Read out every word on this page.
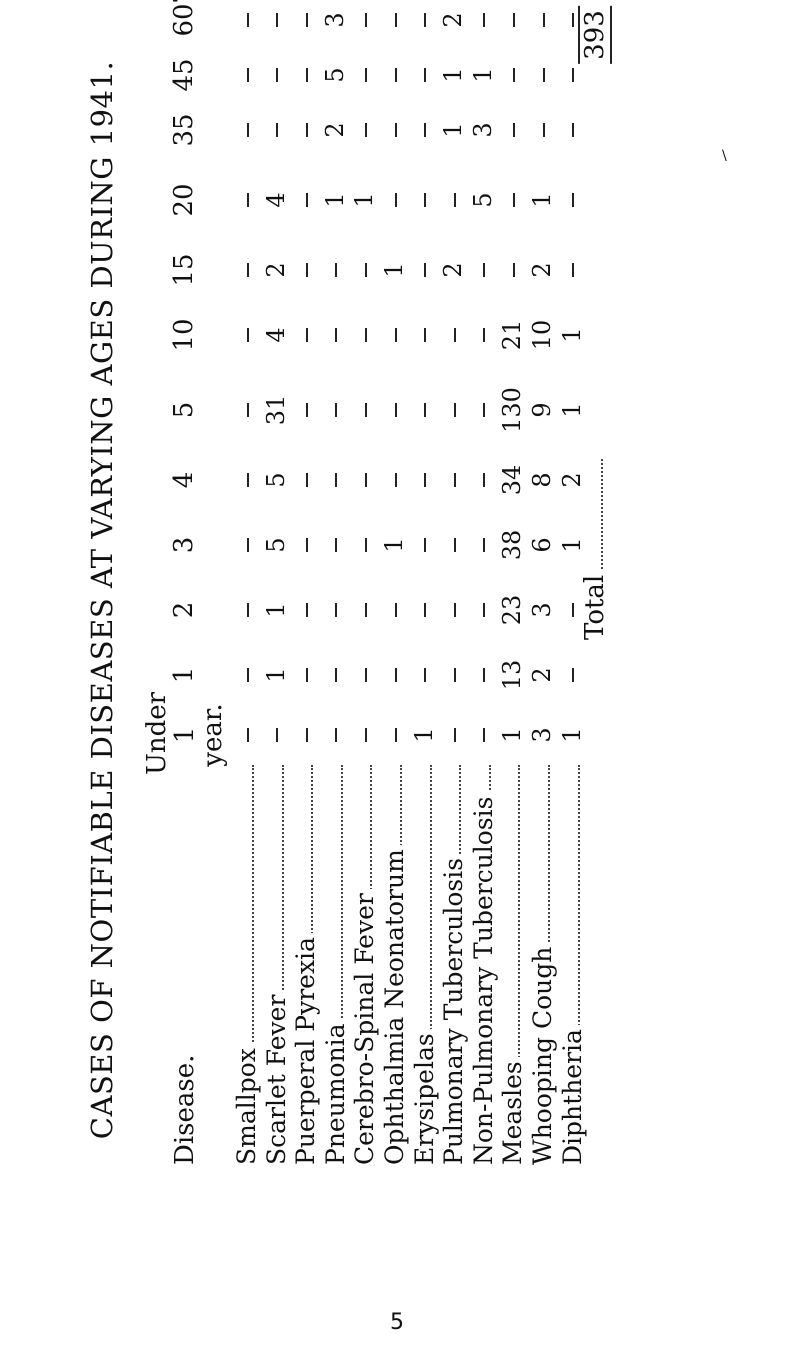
CASES OF NOTIFIABLE DISEASES AT VARYING AGES DURING 1941. Disease.
Under 1 year.
1
2
3
4
5
10
15
20
35
45
60
Smallpox Scarlet Fever
1
1
5
5
31
4
2
4
Puerperal Pyrexia Pneumonia
1
2
5
3
Cerebro-Spinal Fever
1
Ophthalmia Neonatorum
1
1
Erysipelas
1
Pulmonary Tuberculosis
2
1
1
2
Non-Pulmonary Tuberculosis
5
3
1
Measles
1
13
23
38
34
130
21
Whooping Cough
3
2
3
6
8
9
10
2
1
Diphtheria
1
1
2
1
1
Total
393
5
\
